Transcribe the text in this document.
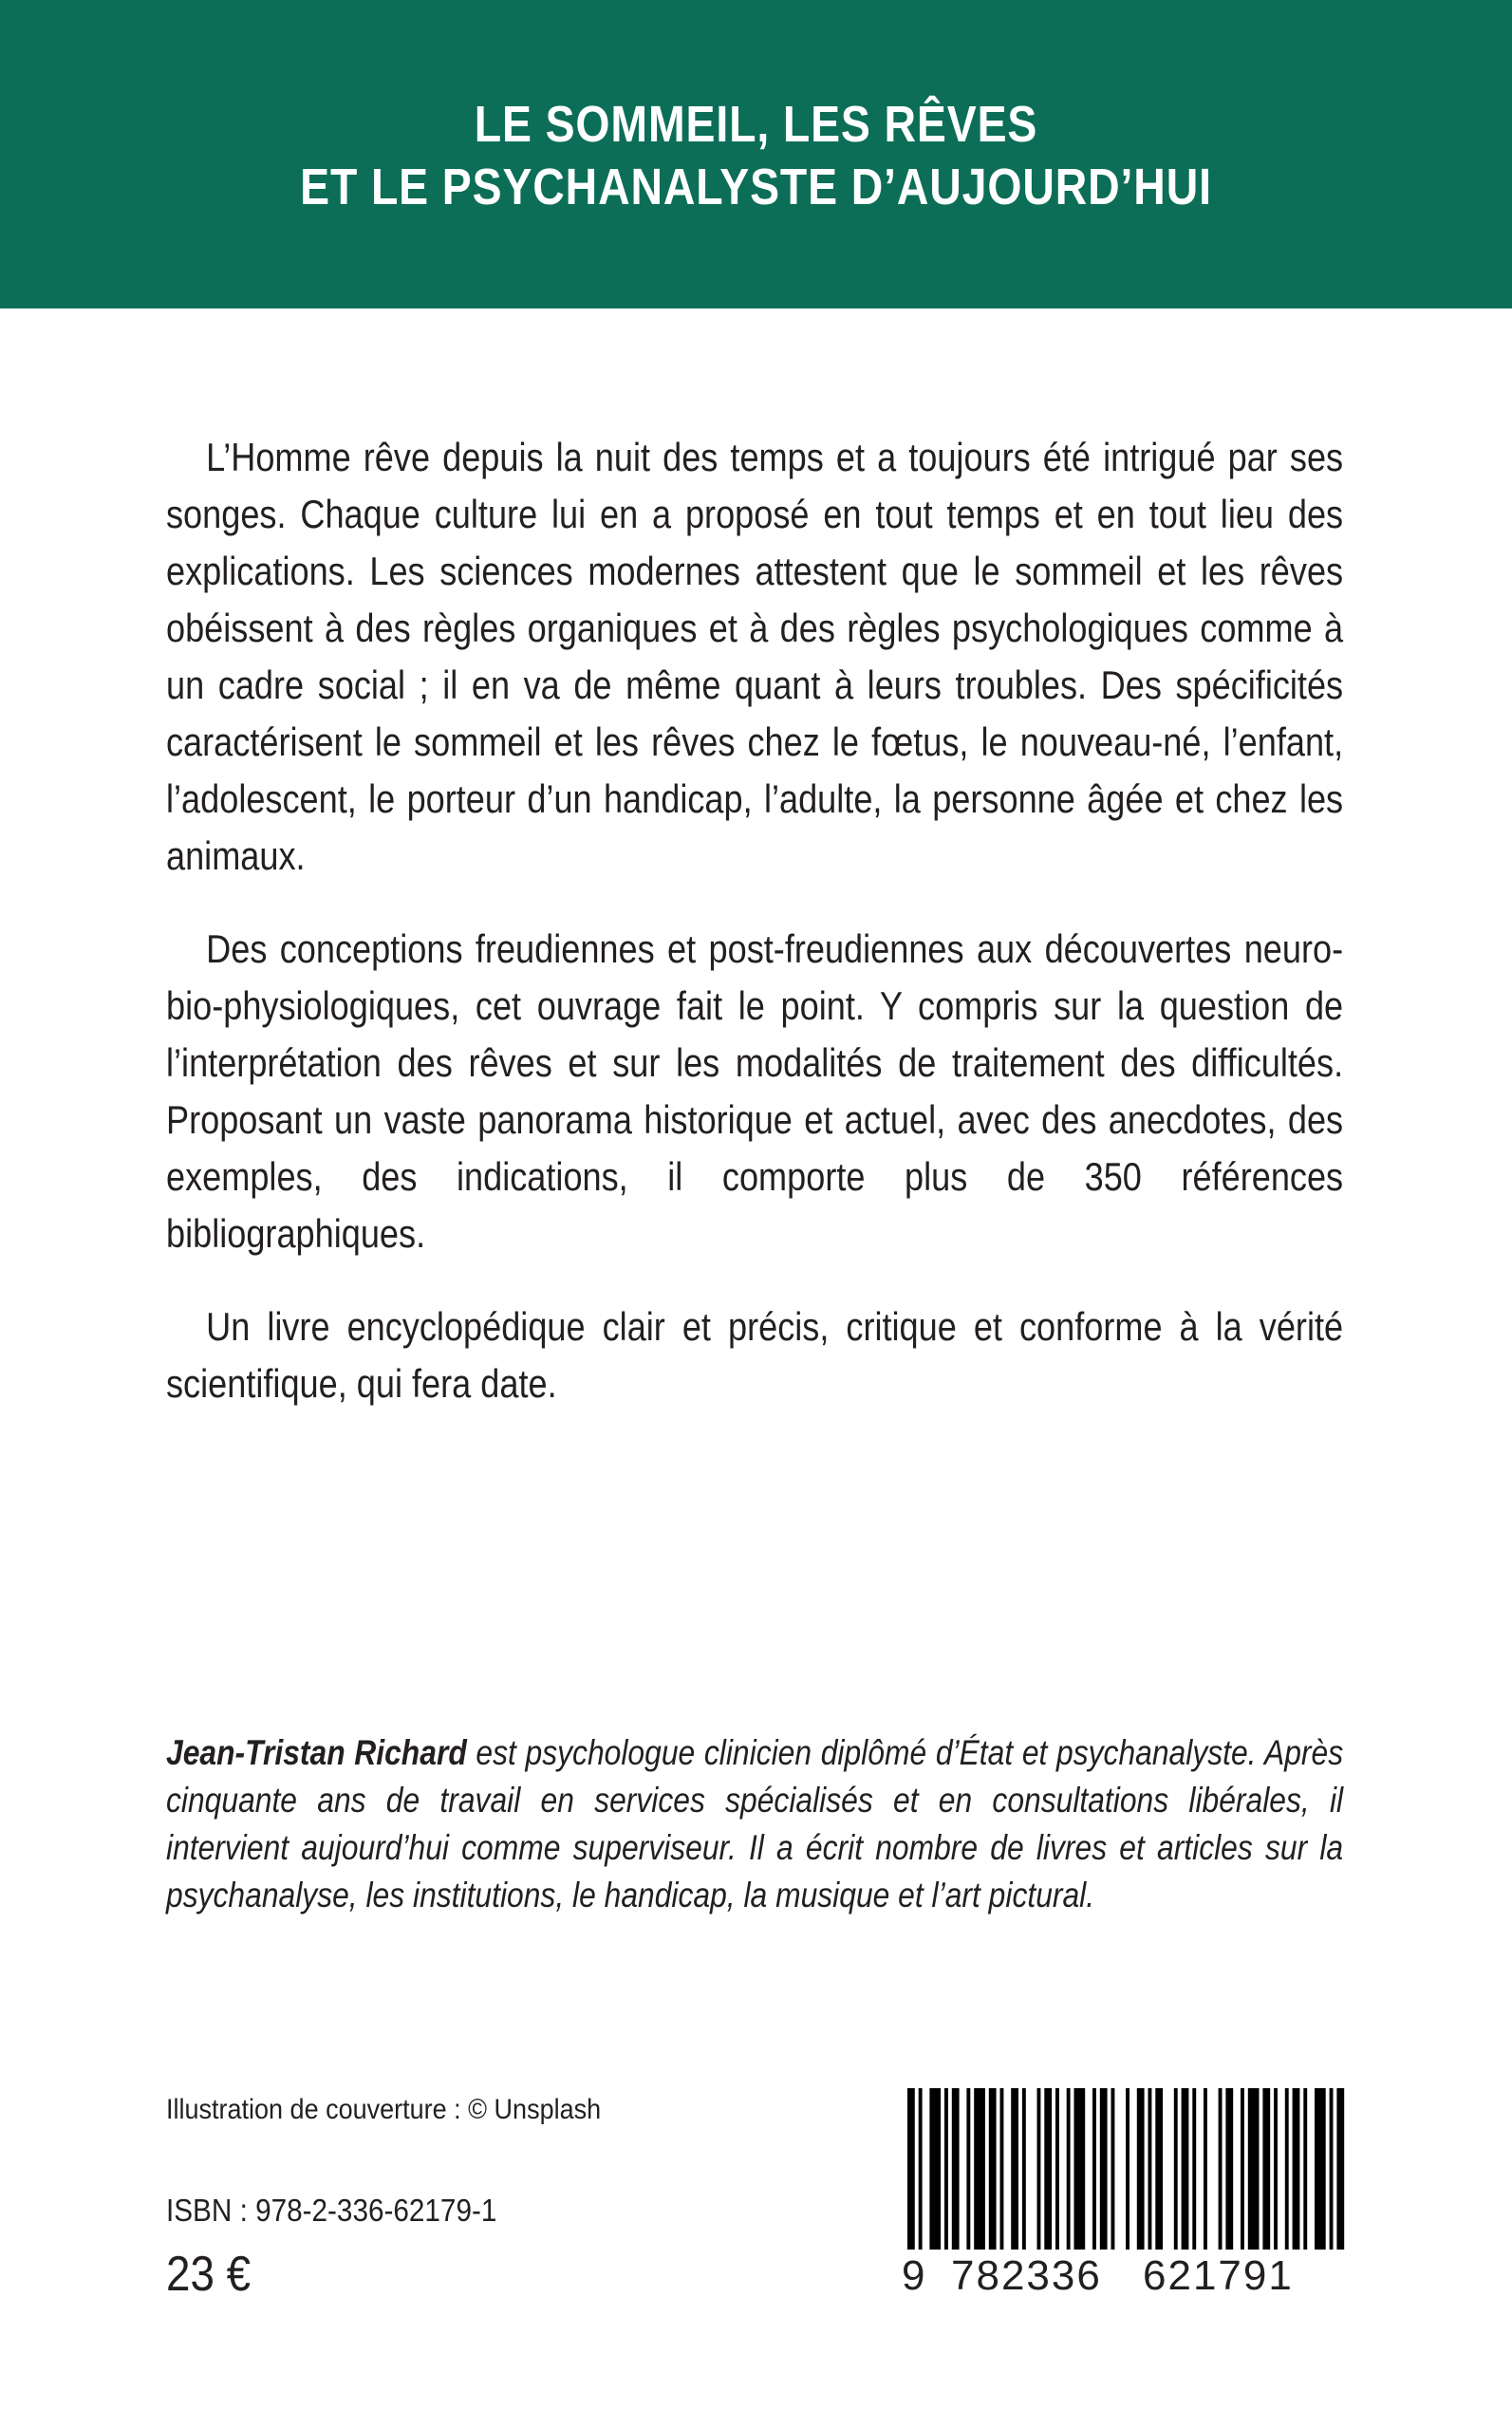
LE SOMMEIL, LES RÊVES
ET LE PSYCHANALYSTE D’AUJOURD’HUI

L’Homme rêve depuis la nuit des temps et a toujours été intrigué par ses songes. Chaque culture lui en a proposé en tout temps et en tout lieu des explications. Les sciences modernes attestent que le sommeil et les rêves obéissent à des règles organiques et à des règles psychologiques comme à un cadre social ; il en va de même quant à leurs troubles. Des spécificités caractérisent le sommeil et les rêves chez le fœtus, le nouveau-né, l’enfant, l’adolescent, le porteur d’un handicap, l’adulte, la personne âgée et chez les animaux.

Des conceptions freudiennes et post-freudiennes aux découvertes neuro-bio-physiologiques, cet ouvrage fait le point. Y compris sur la question de l’interprétation des rêves et sur les modalités de traitement des difficultés. Proposant un vaste panorama historique et actuel, avec des anecdotes, des exemples, des indications, il comporte plus de 350 références bibliographiques.

Un livre encyclopédique clair et précis, critique et conforme à la vérité scientifique, qui fera date.

Jean-Tristan Richard est psychologue clinicien diplômé d’État et psychanalyste. Après cinquante ans de travail en services spécialisés et en consultations libérales, il intervient aujourd’hui comme superviseur. Il a écrit nombre de livres et articles sur la psychanalyse, les institutions, le handicap, la musique et l’art pictural.
Illustration de couverture : © Unsplash
ISBN : 978-2-336-62179-1
23 €	9 782336 621791
